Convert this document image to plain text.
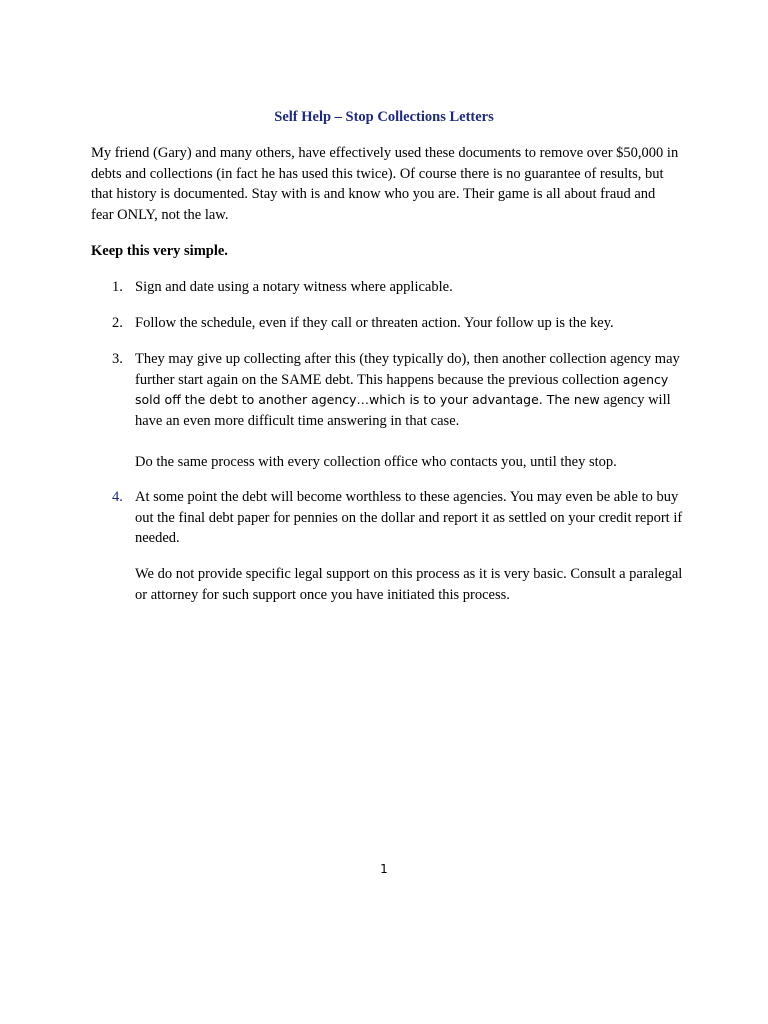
Self Help – Stop Collections Letters
My friend (Gary) and many others, have effectively used these documents to remove over $50,000 in debts and collections (in fact he has used this twice). Of course there is no guarantee of results, but that history is documented. Stay with is and know who you are. Their game is all about fraud and fear ONLY, not the law.
Keep this very simple.
1. Sign and date using a notary witness where applicable.
2. Follow the schedule, even if they call or threaten action. Your follow up is the key.
3. They may give up collecting after this (they typically do), then another collection agency may further start again on the SAME debt. This happens because the previous collection agency sold off the debt to another agency…which is to your advantage. The new agency will have an even more difficult time answering in that case.
Do the same process with every collection office who contacts you, until they stop.
4. At some point the debt will become worthless to these agencies. You may even be able to buy out the final debt paper for pennies on the dollar and report it as settled on your credit report if needed.
We do not provide specific legal support on this process as it is very basic. Consult a paralegal or attorney for such support once you have initiated this process.
1
